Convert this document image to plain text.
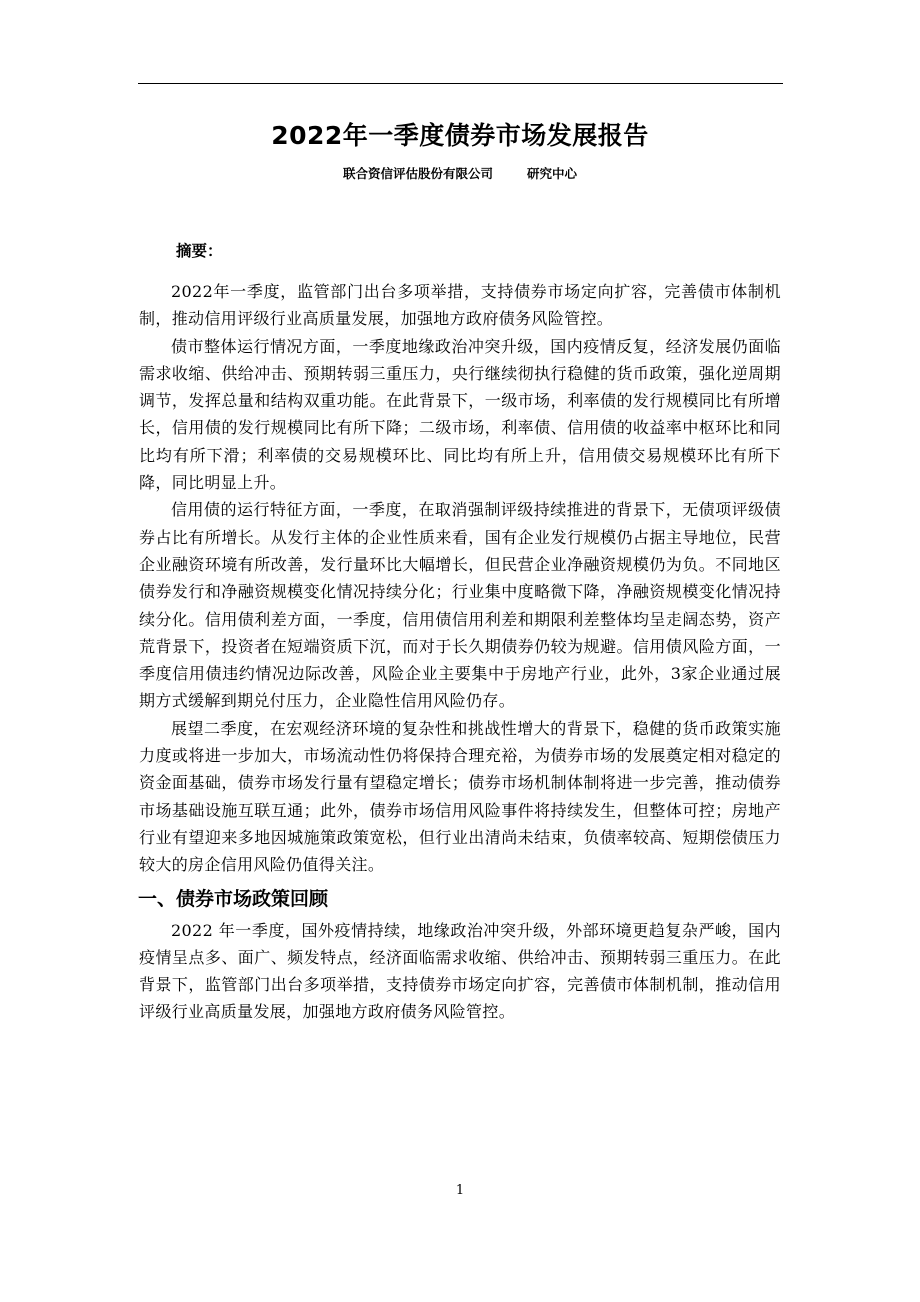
2022年一季度债券市场发展报告
联合资信评估股份有限公司	研究中心
摘要：

2022年一季度，监管部门出台多项举措，支持债券市场定向扩容，完善债市体制机制，推动信用评级行业高质量发展，加强地方政府债务风险管控。

债市整体运行情况方面，一季度地缘政治冲突升级，国内疫情反复，经济发展仍面临需求收缩、供给冲击、预期转弱三重压力，央行继续彻执行稳健的货币政策，强化逆周期调节，发挥总量和结构双重功能。在此背景下，一级市场，利率债的发行规模同比有所增长，信用债的发行规模同比有所下降；二级市场，利率债、信用债的收益率中枢环比和同比均有所下滑；利率债的交易规模环比、同比均有所上升，信用债交易规模环比有所下降，同比明显上升。

信用债的运行特征方面，一季度，在取消强制评级持续推进的背景下，无债项评级债券占比有所增长。从发行主体的企业性质来看，国有企业发行规模仍占据主导地位，民营企业融资环境有所改善，发行量环比大幅增长，但民营企业净融资规模仍为负。不同地区债券发行和净融资规模变化情况持续分化；行业集中度略微下降，净融资规模变化情况持续分化。信用债利差方面，一季度，信用债信用利差和期限利差整体均呈走阔态势，资产荒背景下，投资者在短端资质下沉，而对于长久期债券仍较为规避。信用债风险方面，一季度信用债违约情况边际改善，风险企业主要集中于房地产行业，此外，3家企业通过展期方式缓解到期兑付压力，企业隐性信用风险仍存。

展望二季度，在宏观经济环境的复杂性和挑战性增大的背景下，稳健的货币政策实施力度或将进一步加大，市场流动性仍将保持合理充裕，为债券市场的发展奠定相对稳定的资金面基础，债券市场发行量有望稳定增长；债券市场机制体制将进一步完善，推动债券市场基础设施互联互通；此外，债券市场信用风险事件将持续发生，但整体可控；房地产行业有望迎来多地因城施策政策宽松，但行业出清尚未结束，负债率较高、短期偿债压力较大的房企信用风险仍值得关注。

一、债券市场政策回顾

2022 年一季度，国外疫情持续，地缘政治冲突升级，外部环境更趋复杂严峻，国内疫情呈点多、面广、频发特点，经济面临需求收缩、供给冲击、预期转弱三重压力。在此背景下，监管部门出台多项举措，支持债券市场定向扩容，完善债市体制机制，推动信用评级行业高质量发展，加强地方政府债务风险管控。

1
